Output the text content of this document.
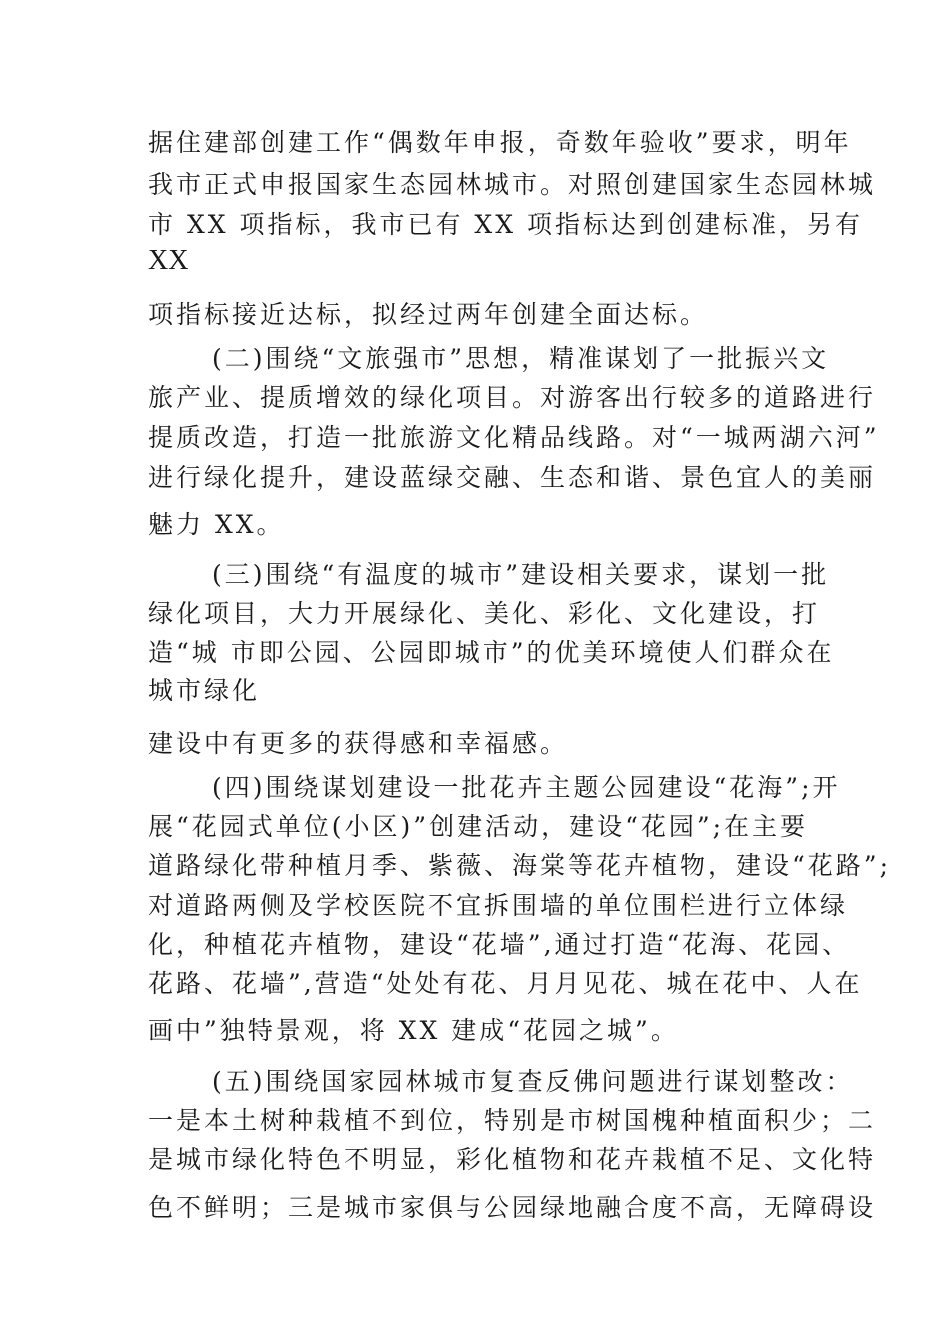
据住建部创建工作“偶数年申报，奇数年验收”要求，明年
我市正式申报国家生态园林城市。对照创建国家生态园林城
市 XX 项指标，我市已有 XX 项指标达到创建标准，另有
XX
项指标接近达标，拟经过两年创建全面达标。
(二)围绕“文旅强市”思想，精准谋划了一批振兴文
旅产业、提质增效的绿化项目。对游客出行较多的道路进行
提质改造，打造一批旅游文化精品线路。对“一城两湖六河”
进行绿化提升，建设蓝绿交融、生态和谐、景色宜人的美丽
魅力 XX。
(三)围绕“有温度的城市”建设相关要求，谋划一批
绿化项目，大力开展绿化、美化、彩化、文化建设，打
造“城 市即公园、公园即城市”的优美环境使人们群众在
城市绿化
建设中有更多的获得感和幸福感。
(四)围绕谋划建设一批花卉主题公园建设“花海”;开
展“花园式单位(小区)”创建活动，建设“花园”;在主要
道路绿化带种植月季、紫薇、海棠等花卉植物，建设“花路”;
对道路两侧及学校医院不宜拆围墙的单位围栏进行立体绿
化，种植花卉植物，建设“花墙”,通过打造“花海、花园、
花路、花墙”,营造“处处有花、月月见花、城在花中、人在
画中”独特景观，将 XX 建成“花园之城”。
(五)围绕国家园林城市复查反佛问题进行谋划整改：
一是本土树种栽植不到位，特别是市树国槐种植面积少；二
是城市绿化特色不明显，彩化植物和花卉栽植不足、文化特
色不鲜明；三是城市家俱与公园绿地融合度不高，无障碍设
